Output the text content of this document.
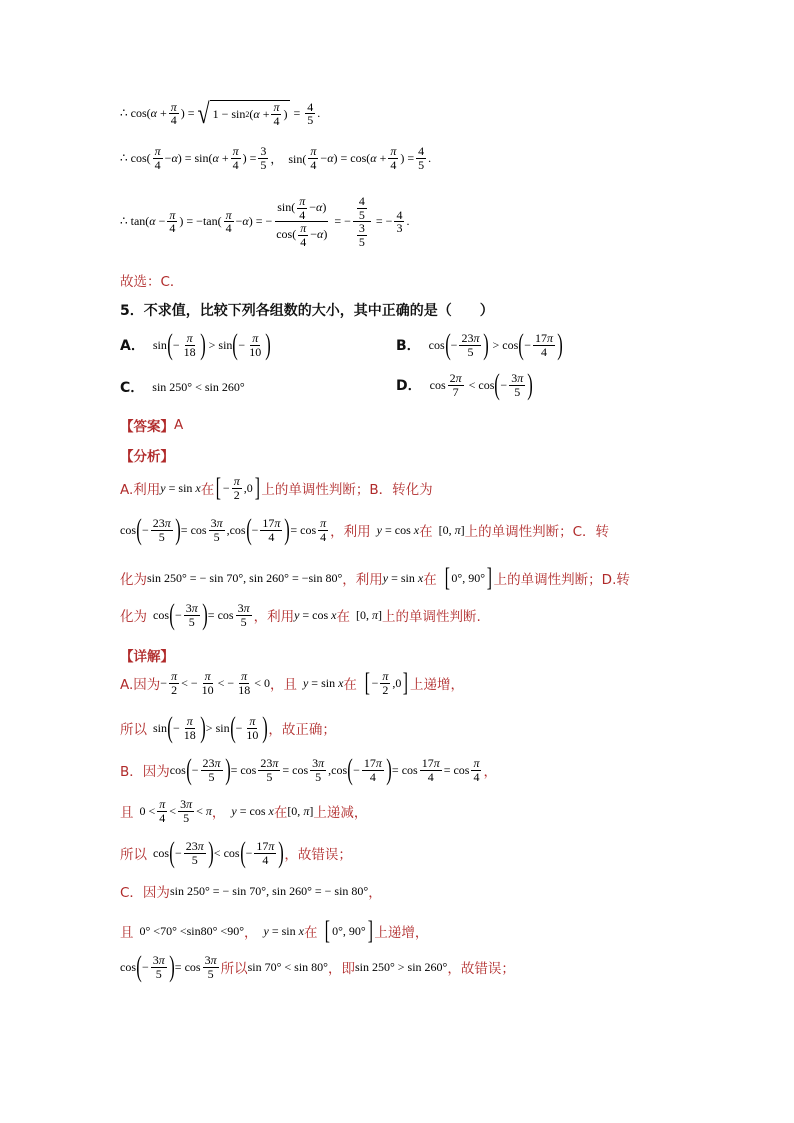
∴ cos( $\alpha + \frac{\pi}{4}$ ) = √ 1 − sin 2 ( $\alpha + \frac{\pi}{4}$ ) = $\frac{4}{5}$ .
∴ $\cos( \frac{\pi}{4} - \alpha$ ) = sin( $\alpha + \frac{\pi}{4}$ ) = $\frac{3}{5}$ ，  $\sin( \frac{\pi}{4} - \alpha$ ) = cos( $\alpha + \frac{\pi}{4}$ ) = $\frac{4}{5}$ .
∴ tan( $\alpha - \frac{\pi}{4}$ ) = $-\tan( \frac{\pi}{4} - \alpha$ ) = − $\frac{\sin( \frac{\pi}{4} -\alpha)}{\cos( \frac{\pi}{4} -\alpha)}$ = − $\frac{\frac{4}{5}}{\frac{3}{5}}$ = − $\frac{4}{3}$ .
故选：C．
5． 不求值，比较下列各组数的大小，其中正确的是（　　）
A． sin ( − $\frac{\pi}{18}$ ) > sin ( − $\frac{\pi}{10}$ )	B． cos ( − $\frac{23\pi}{5}$ ) > cos ( − $\frac{17\pi}{4}$ )
C． sin 250° < sin 260°	D． $\cos \frac{2\pi}{7} < \cos$ ( − $\frac{3\pi}{5}$ )
【答案】 A
【分析】
A.利用 y = sin x 在 [ − $\frac{\pi}{2} ,0$ ] 上的单调性判断；B．转化为
cos ( − $\frac{23\pi}{5}$ ) = $\cos \frac{3\pi}{5} ,\cos$ ( − $\frac{17\pi}{4}$ ) = $\cos \frac{\pi}{4}$ ，利用 y = cos x 在 [0, π ] 上的单调性判断；C．转
化为 sin 250° = − sin 70°, sin 260° = −sin 80° ，利用 y = sin x 在 [ 0°, 90° ] 上的单调性判断；D.转
化为 cos ( − $\frac{3\pi}{5}$ ) = $\cos \frac{3\pi}{5}$ ，利用 y = cos x 在 [0, π ] 上的单调性判断.
【详解】
A.因为 − $\frac{\pi}{2}$ < − $\frac{\pi}{10}$ < − $\frac{\pi}{18} < 0$ ，且 y = sin x 在 [ − $\frac{\pi}{2} ,0$ ] 上递增，
所以 sin ( − $\frac{\pi}{18}$ ) > sin ( − $\frac{\pi}{10}$ ) ，故正确；
B．因为 cos ( − $\frac{23\pi}{5}$ ) = $\cos \frac{23\pi}{5} = \cos \frac{3\pi}{5} ,\cos$ ( − $\frac{17\pi}{4}$ ) = $\cos \frac{17\pi}{4} = \cos \frac{\pi}{4}$ ，
且 $0 < \frac{\pi}{4} < \frac{3\pi}{5} < \pi$ ， y = cos x 在 [0, π ] 上递减，
所以 cos ( − $\frac{23\pi}{5}$ ) < cos ( − $\frac{17\pi}{4}$ ) ，故错误；
C．因为 sin 250° = − sin 70°, sin 260° = − sin 80° ，
且 0° <70° <sin80° <90° ， y = sin x 在 [ 0°, 90° ] 上递增，
cos ( − $\frac{3\pi}{5}$ ) = $\cos \frac{3\pi}{5}$ 所以 sin 70° < sin 80° ，即 sin 250° > sin 260° ，故错误；
